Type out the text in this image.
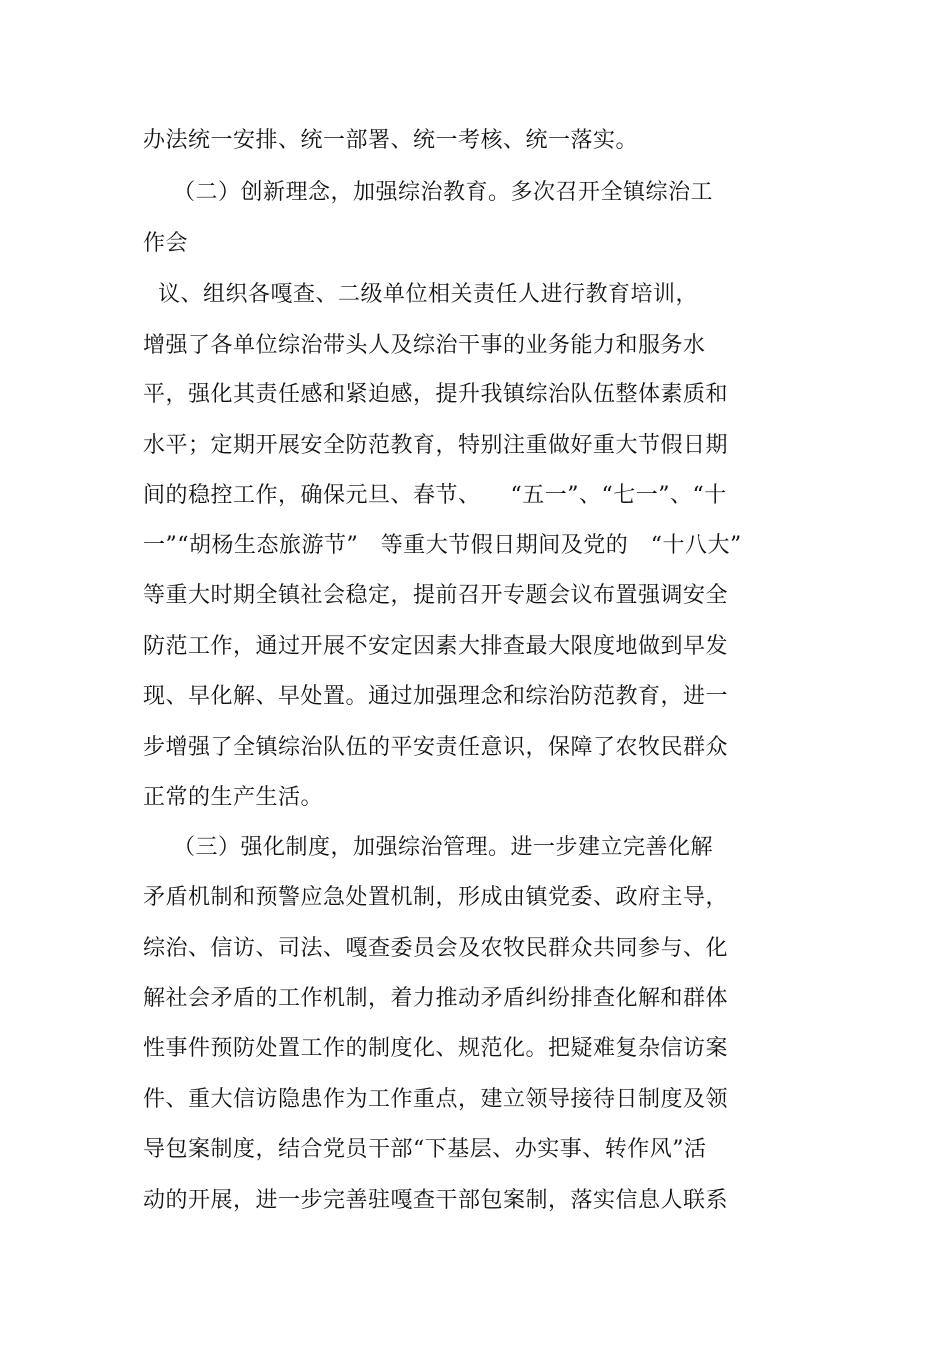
办法统一安排、统一部署、统一考核、统一落实。
（二）创新理念，加强综治教育。多次召开全镇综治工
作会
议、组织各嘎查、二级单位相关责任人进行教育培训，
增强了各单位综治带头人及综治干事的业务能力和服务水
平，强化其责任感和紧迫感，提升我镇综治队伍整体素质和
水平；定期开展安全防范教育，特别注重做好重大节假日期
间的稳控工作，确保元旦、春节、    “五一”、“七一”、“十
一”“胡杨生态旅游节”   等重大节假日期间及党的   “十八大”
等重大时期全镇社会稳定，提前召开专题会议布置强调安全
防范工作，通过开展不安定因素大排查最大限度地做到早发
现、早化解、早处置。通过加强理念和综治防范教育，进一
步增强了全镇综治队伍的平安责任意识，保障了农牧民群众
正常的生产生活。
（三）强化制度，加强综治管理。进一步建立完善化解
矛盾机制和预警应急处置机制，形成由镇党委、政府主导，
综治、信访、司法、嘎查委员会及农牧民群众共同参与、化
解社会矛盾的工作机制，着力推动矛盾纠纷排查化解和群体
性事件预防处置工作的制度化、规范化。把疑难复杂信访案
件、重大信访隐患作为工作重点，建立领导接待日制度及领
导包案制度，结合党员干部“下基层、办实事、转作风”活
动的开展，进一步完善驻嘎查干部包案制，落实信息人联系
